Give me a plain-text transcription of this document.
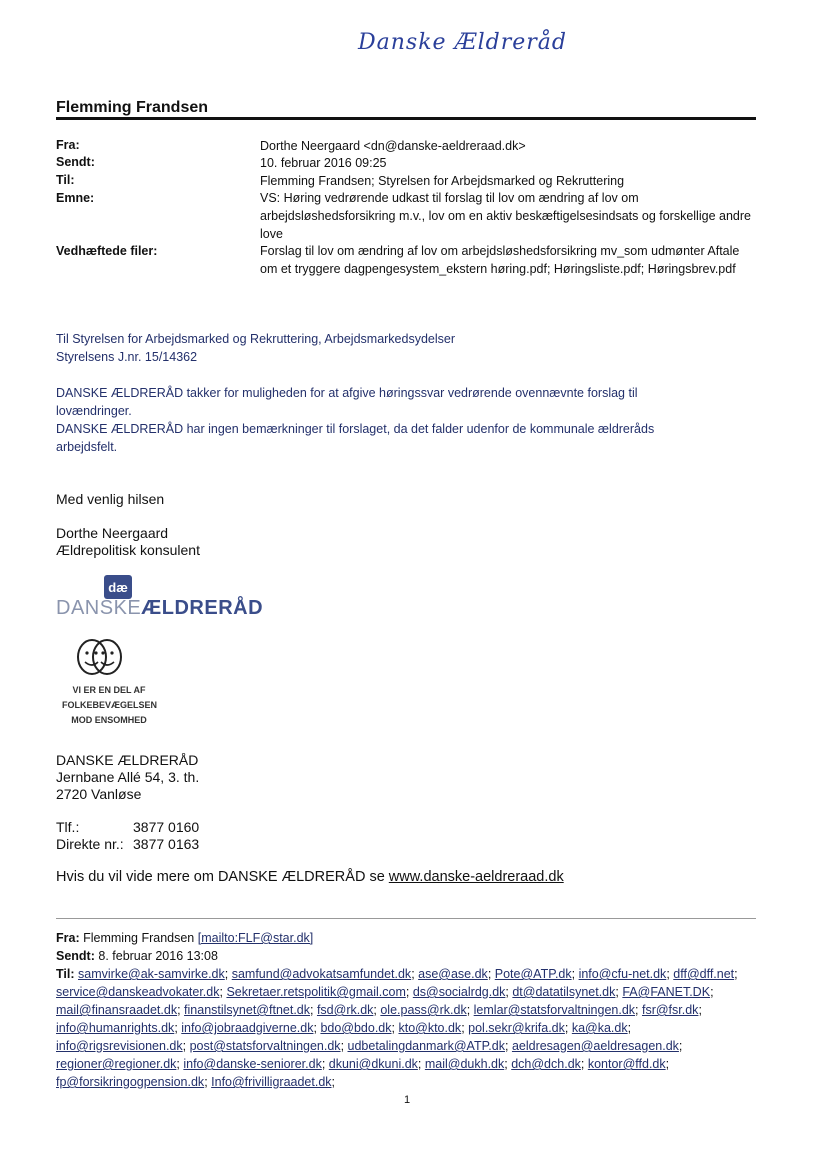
Danske Ældreråd
Flemming Frandsen
Fra:	Dorthe Neergaard <dn@danske-aeldreraad.dk>
Sendt:	10. februar 2016 09:25
Til:	Flemming Frandsen; Styrelsen for Arbejdsmarked og Rekruttering
Emne:	VS: Høring vedrørende udkast til forslag til lov om ændring af lov om arbejdsløshedsforsikring m.v., lov om en aktiv beskæftigelsesindsats og forskellige andre love
Vedhæftede filer:	Forslag til lov om ændring af lov om arbejdsløshedsforsikring mv_som udmønter Aftale om et tryggere dagpengesystem_ekstern høring.pdf; Høringsliste.pdf; Høringsbrev.pdf
Til Styrelsen for Arbejdsmarked og Rekruttering, Arbejdsmarkedsydelser
Styrelsens J.nr. 15/14362
DANSKE ÆLDRERÅD takker for muligheden for at afgive høringssvar vedrørende ovennævnte forslag til lovændringer.
DANSKE ÆLDRERÅD har ingen bemærkninger til forslaget, da det falder udenfor de kommunale ældreråds arbejdsfelt.
Med venlig hilsen
Dorthe Neergaard
Ældrepolitisk konsulent
dæ
DANSKEÆLDRERÅD
VI ER EN DEL AF
FOLKEBEVÆGELSEN
MOD ENSOMHED
DANSKE ÆLDRERÅD
Jernbane Allé 54, 3. th.
2720 Vanløse
Tlf.:	3877 0160
Direkte nr.: 3877 0163
Hvis du vil vide mere om DANSKE ÆLDRERÅD se www.danske-aeldreraad.dk
Fra: Flemming Frandsen [mailto:FLF@star.dk]
Sendt: 8. februar 2016 13:08
Til: samvirke@ak-samvirke.dk; samfund@advokatsamfundet.dk; ase@ase.dk; Pote@ATP.dk; info@cfu-net.dk; dff@dff.net; service@danskeadvokater.dk; Sekretaer.retspolitik@gmail.com; ds@socialrdg.dk; dt@datatilsynet.dk; FA@FANET.DK; mail@finansraadet.dk; finanstilsynet@ftnet.dk; fsd@rk.dk; ole.pass@rk.dk; lemlar@statsforvaltningen.dk; fsr@fsr.dk; info@humanrights.dk; info@jobraadgiverne.dk; bdo@bdo.dk; kto@kto.dk; pol.sekr@krifa.dk; ka@ka.dk; info@rigsrevisionen.dk; post@statsforvaltningen.dk; udbetalingdanmark@ATP.dk; aeldresagen@aeldresagen.dk; regioner@regioner.dk; info@danske-seniorer.dk; dkuni@dkuni.dk; mail@dukh.dk; dch@dch.dk; kontor@ffd.dk; fp@forsikringogpension.dk; Info@frivilligraadet.dk;
1
